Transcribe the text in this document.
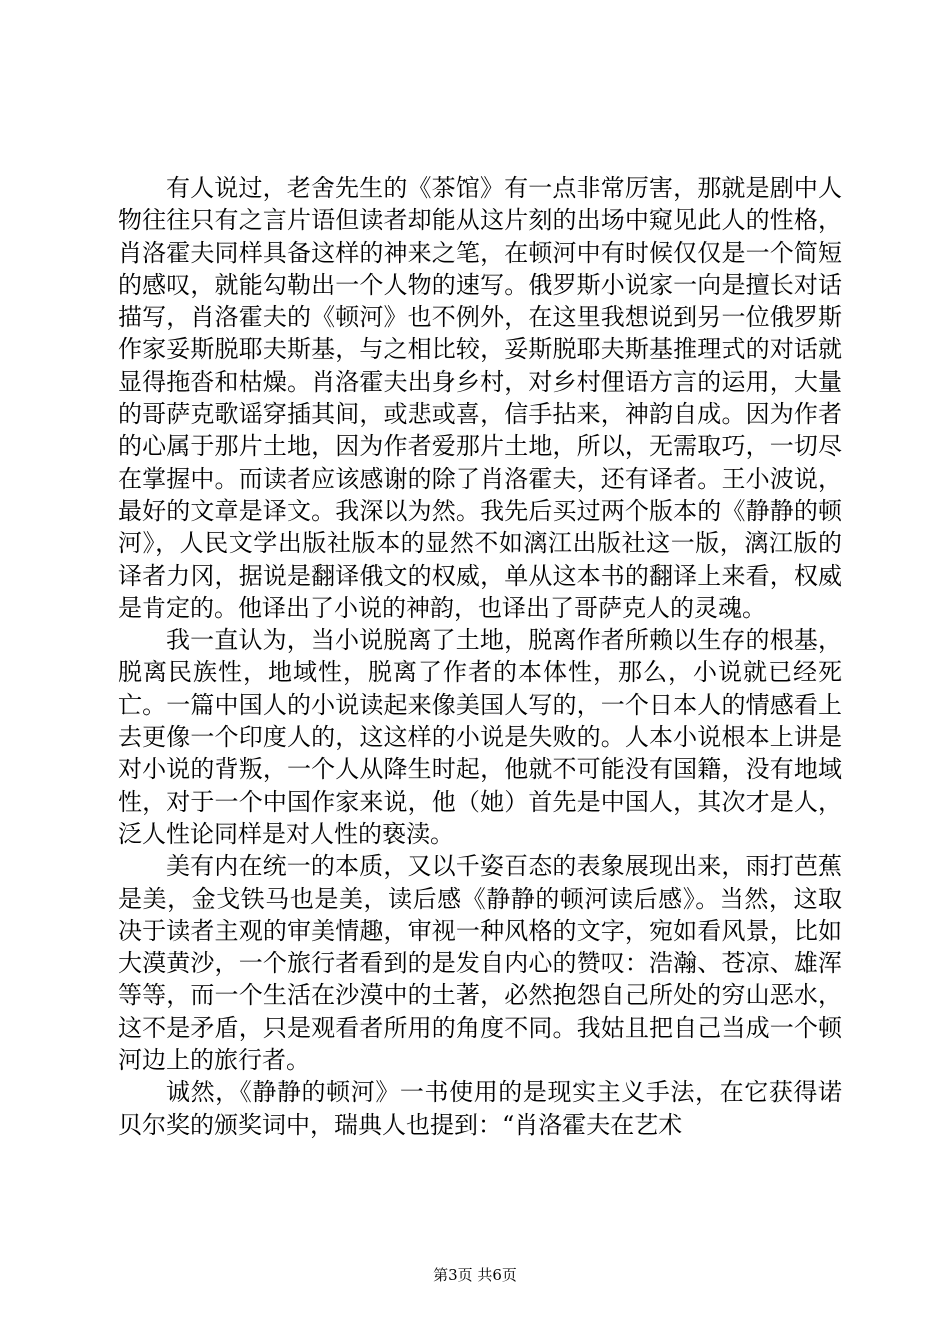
有人说过，老舍先生的《茶馆》有一点非常厉害，那就是剧中人物往往只有之言片语但读者却能从这片刻的出场中窥见此人的性格，肖洛霍夫同样具备这样的神来之笔，在顿河中有时候仅仅是一个简短的感叹，就能勾勒出一个人物的速写。俄罗斯小说家一向是擅长对话描写，肖洛霍夫的《顿河》也不例外，在这里我想说到另一位俄罗斯作家妥斯脱耶夫斯基，与之相比较，妥斯脱耶夫斯基推理式的对话就显得拖沓和枯燥。肖洛霍夫出身乡村，对乡村俚语方言的运用，大量的哥萨克歌谣穿插其间，或悲或喜，信手拈来，神韵自成。因为作者的心属于那片土地，因为作者爱那片土地，所以，无需取巧，一切尽在掌握中。而读者应该感谢的除了肖洛霍夫，还有译者。王小波说，最好的文章是译文。我深以为然。我先后买过两个版本的《静静的顿河》，人民文学出版社版本的显然不如漓江出版社这一版，漓江版的译者力冈，据说是翻译俄文的权威，单从这本书的翻译上来看，权威是肯定的。他译出了小说的神韵，也译出了哥萨克人的灵魂。

我一直认为，当小说脱离了土地，脱离作者所赖以生存的根基，脱离民族性，地域性，脱离了作者的本体性，那么，小说就已经死亡。一篇中国人的小说读起来像美国人写的，一个日本人的情感看上去更像一个印度人的，这这样的小说是失败的。人本小说根本上讲是对小说的背叛，一个人从降生时起，他就不可能没有国籍，没有地域性，对于一个中国作家来说，他（她）首先是中国人，其次才是人，泛人性论同样是对人性的亵渎。

美有内在统一的本质，又以千姿百态的表象展现出来，雨打芭蕉是美，金戈铁马也是美，读后感《静静的顿河读后感》。当然，这取决于读者主观的审美情趣，审视一种风格的文字，宛如看风景，比如大漠黄沙，一个旅行者看到的是发自内心的赞叹：浩瀚、苍凉、雄浑等等，而一个生活在沙漠中的土著，必然抱怨自己所处的穷山恶水，这不是矛盾，只是观看者所用的角度不同。我姑且把自己当成一个顿河边上的旅行者。

诚然，《静静的顿河》一书使用的是现实主义手法，在它获得诺贝尔奖的颁奖词中，瑞典人也提到：“肖洛霍夫在艺术

第3页 共6页
